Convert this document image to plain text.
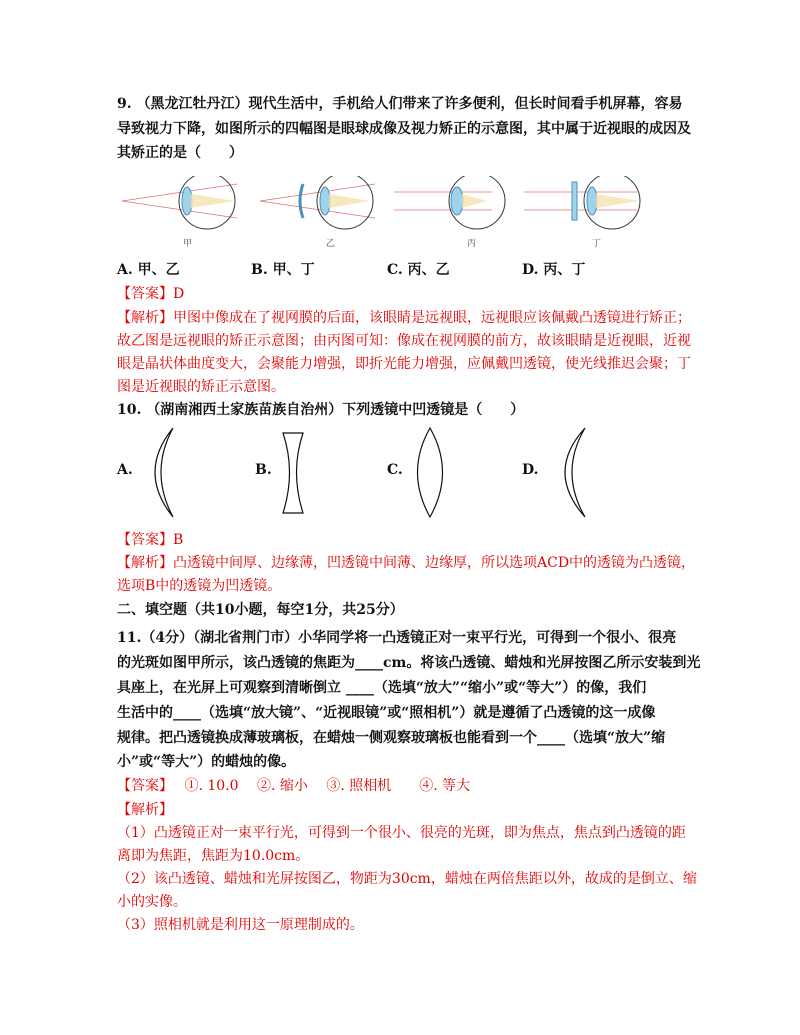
9. （黑龙江牡丹江）现代生活中，手机给人们带来了许多便利，但长时间看手机屏幕，容易
导致视力下降，如图所示的四幅图是眼球成像及视力矫正的示意图，其中属于近视眼的成因及
其矫正的是（　　）
甲	乙	丙	丁
A. 甲、乙	B. 甲、丁	C. 丙、乙	D. 丙、丁
【答案】D
【解析】甲图中像成在了视网膜的后面，该眼睛是远视眼，远视眼应该佩戴凸透镜进行矫正；
故乙图是远视眼的矫正示意图；由丙图可知：像成在视网膜的前方，故该眼睛是近视眼，近视
眼是晶状体曲度变大，会聚能力增强，即折光能力增强，应佩戴凹透镜，使光线推迟会聚；丁
图是近视眼的矫正示意图。
10. （湖南湘西土家族苗族自治州）下列透镜中凹透镜是（　　）
A.	B.	C.	D.
【答案】B
【解析】凸透镜中间厚、边缘薄，凹透镜中间薄、边缘厚，所以选项ACD中的透镜为凸透镜，
选项B中的透镜为凹透镜。
二、填空题（共10小题，每空1分，共25分）
11.（4分）（湖北省荆门市）小华同学将一凸透镜正对一束平行光，可得到一个很小、很亮
的光斑如图甲所示，该凸透镜的焦距为____cm。将该凸透镜、蜡烛和光屏按图乙所示安装到光
具座上，在光屏上可观察到清晰倒立 ____（选填“放大”“缩小”或“等大”）的像，我们
生活中的____（选填“放大镜”、“近视眼镜”或“照相机”）就是遵循了凸透镜的这一成像
规律。把凸透镜换成薄玻璃板，在蜡烛一侧观察玻璃板也能看到一个____（选填“放大”缩
小”或“等大”）的蜡烛的像。
【答案】　 ①. 10.0　 ②. 缩小　 ③. 照相机　　④. 等大
【解析】
（1）凸透镜正对一束平行光，可得到一个很小、很亮的光斑，即为焦点，焦点到凸透镜的距
离即为焦距，焦距为10.0cm。
（2）该凸透镜、蜡烛和光屏按图乙，物距为30cm，蜡烛在两倍焦距以外，故成的是倒立、缩
小的实像。
（3）照相机就是利用这一原理制成的。
